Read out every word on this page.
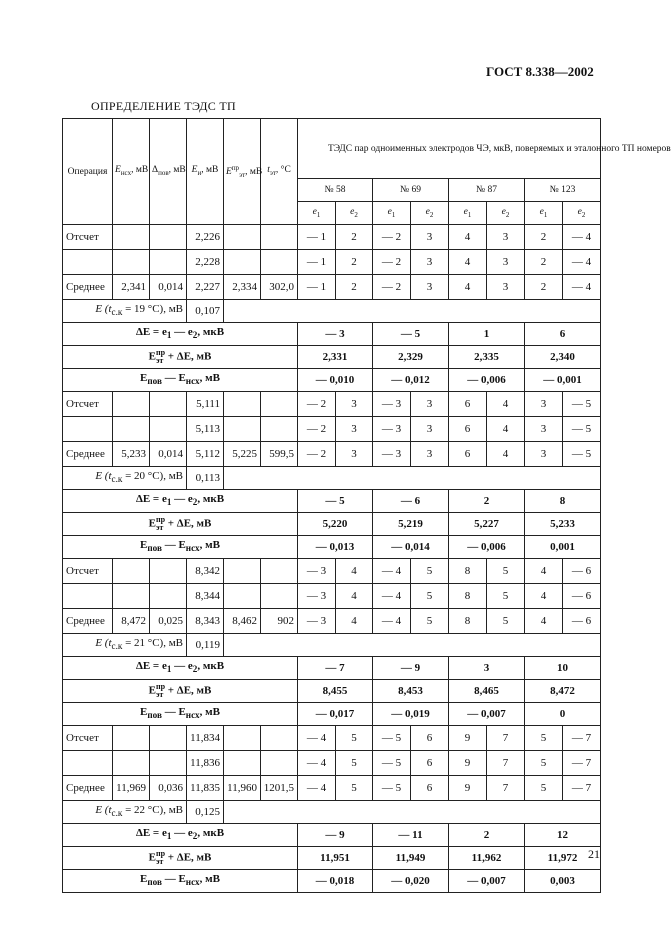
ГОСТ 8.338—2002
ОПРЕДЕЛЕНИЕ ТЭДС ТП
Операция	$E_{нсх}$, мВ	$\Delta_{пов}$, мВ	$E_и$, мВ	$E^{пр}_{эт}$, мВ	$t_{эт}$, °C	ТЭДС пар одноименных электродов ЧЭ, мкВ, поверяемых и эталонного ТП номеров							
						№ 58		№ 69		№ 87		№ 123	
						$e_1$	$e_2$	$e_1$	$e_2$	$e_1$	$e_2$	$e_1$	$e_2$
Отсчет			2,226			— 1	2	— 2	3	4	3	2	— 4
			2,228			— 1	2	— 2	3	4	3	2	— 4
Среднее	2,341	0,014	2,227	2,334	302,0	— 1	2	— 2	3	4	3	2	— 4
E ($t_{с.к} = 19$ °C), мВ			0,107										
$\Delta E = e_1$ — $e_2$, мкВ						— 3		— 5		1		6	
E пр
эт + ΔE, мВ						2,331		2,329		2,335		2,340	
$E_{пов}$ — $E_{нсх}$, мВ						— 0,010		— 0,012		— 0,006		— 0,001	
Отсчет			5,111			— 2	3	— 3	3	6	4	3	— 5
			5,113			— 2	3	— 3	3	6	4	3	— 5
Среднее	5,233	0,014	5,112	5,225	599,5	— 2	3	— 3	3	6	4	3	— 5
E ($t_{с.к} = 20$ °C), мВ			0,113										
$\Delta E = e_1$ — $e_2$, мкВ						— 5		— 6		2		8	
E пр
эт + ΔE, мВ						5,220		5,219		5,227		5,233	
$E_{пов}$ — $E_{нсх}$, мВ						— 0,013		— 0,014		— 0,006		0,001	
Отсчет			8,342			— 3	4	— 4	5	8	5	4	— 6
			8,344			— 3	4	— 4	5	8	5	4	— 6
Среднее	8,472	0,025	8,343	8,462	902	— 3	4	— 4	5	8	5	4	— 6
E ($t_{с.к} = 21$ °C), мВ			0,119										
$\Delta E = e_1$ — $e_2$, мкВ						— 7		— 9		3		10	
E пр
эт + ΔE, мВ						8,455		8,453		8,465		8,472	
$E_{пов}$ — $E_{нсх}$, мВ						— 0,017		— 0,019		— 0,007		0	
Отсчет			11,834			— 4	5	— 5	6	9	7	5	— 7
			11,836			— 4	5	— 5	6	9	7	5	— 7
Среднее	11,969	0,036	11,835	11,960	1201,5	— 4	5	— 5	6	9	7	5	— 7
E ($t_{с.к} = 22$ °C), мВ			0,125										
$\Delta E = e_1$ — $e_2$, мкВ						— 9		— 11		2		12	
E пр
эт + ΔE, мВ						11,951		11,949		11,962		11,972	
$E_{пов}$ — $E_{нсх}$, мВ						— 0,018		— 0,020		— 0,007		0,003	
21
